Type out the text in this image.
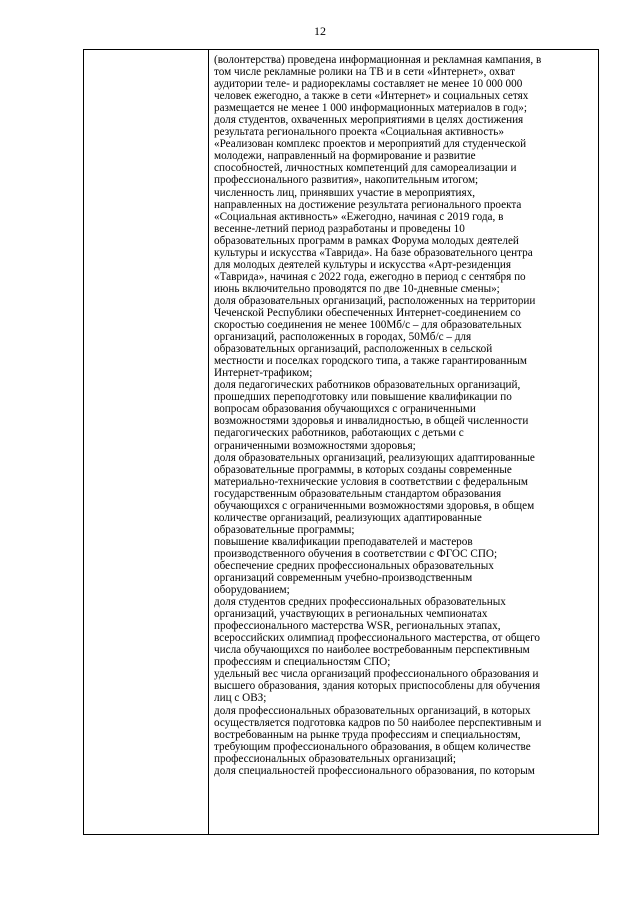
12
(волонтерства) проведена информационная и рекламная кампания, в
том числе рекламные ролики на ТВ и в сети «Интернет», охват
аудитории теле- и радиорекламы составляет не менее 10 000 000
человек ежегодно, а также в сети «Интернет» и социальных сетях
размещается не менее 1 000 информационных материалов в год»;
доля студентов, охваченных мероприятиями в целях достижения
результата регионального проекта «Социальная активность»
«Реализован комплекс проектов и мероприятий для студенческой
молодежи, направленный на формирование и развитие
способностей, личностных компетенций для самореализации и
профессионального развития», накопительным итогом;
численность лиц, принявших участие в мероприятиях,
направленных на достижение результата регионального проекта
«Социальная активность» «Ежегодно, начиная с 2019 года, в
весенне-летний период разработаны и проведены 10
образовательных программ в рамках Форума молодых деятелей
культуры и искусства «Таврида». На базе образовательного центра
для молодых деятелей культуры и искусства «Арт-резиденция
«Таврида», начиная с 2022 года, ежегодно в период с сентября по
июнь включительно проводятся по две 10-дневные смены»;
доля образовательных организаций, расположенных на территории
Чеченской Республики обеспеченных Интернет-соединением со
скоростью соединения не менее 100Мб/с – для образовательных
организаций, расположенных в городах, 50Мб/с – для
образовательных организаций, расположенных в сельской
местности и поселках городского типа, а также гарантированным
Интернет-трафиком;
доля педагогических работников образовательных организаций,
прошедших переподготовку или повышение квалификации по
вопросам образования обучающихся с ограниченными
возможностями здоровья и инвалидностью, в общей численности
педагогических работников, работающих с детьми с
ограниченными возможностями здоровья;
доля образовательных организаций, реализующих адаптированные
образовательные программы, в которых созданы современные
материально-технические условия в соответствии с федеральным
государственным образовательным стандартом образования
обучающихся с ограниченными возможностями здоровья, в общем
количестве организаций, реализующих адаптированные
образовательные программы;
повышение квалификации преподавателей и мастеров
производственного обучения в соответствии с ФГОС СПО;
обеспечение средних профессиональных образовательных
организаций современным учебно-производственным
оборудованием;
доля студентов средних профессиональных образовательных
организаций, участвующих в региональных чемпионатах
профессионального мастерства WSR, региональных этапах,
всероссийских олимпиад профессионального мастерства, от общего
числа обучающихся по наиболее востребованным перспективным
профессиям и специальностям СПО;
удельный вес числа организаций профессионального образования и
высшего образования, здания которых приспособлены для обучения
лиц с ОВЗ;
доля профессиональных образовательных организаций, в которых
осуществляется подготовка кадров по 50 наиболее перспективным и
востребованным на рынке труда профессиям и специальностям,
требующим профессионального образования, в общем количестве
профессиональных образовательных организаций;
доля специальностей профессионального образования, по которым
